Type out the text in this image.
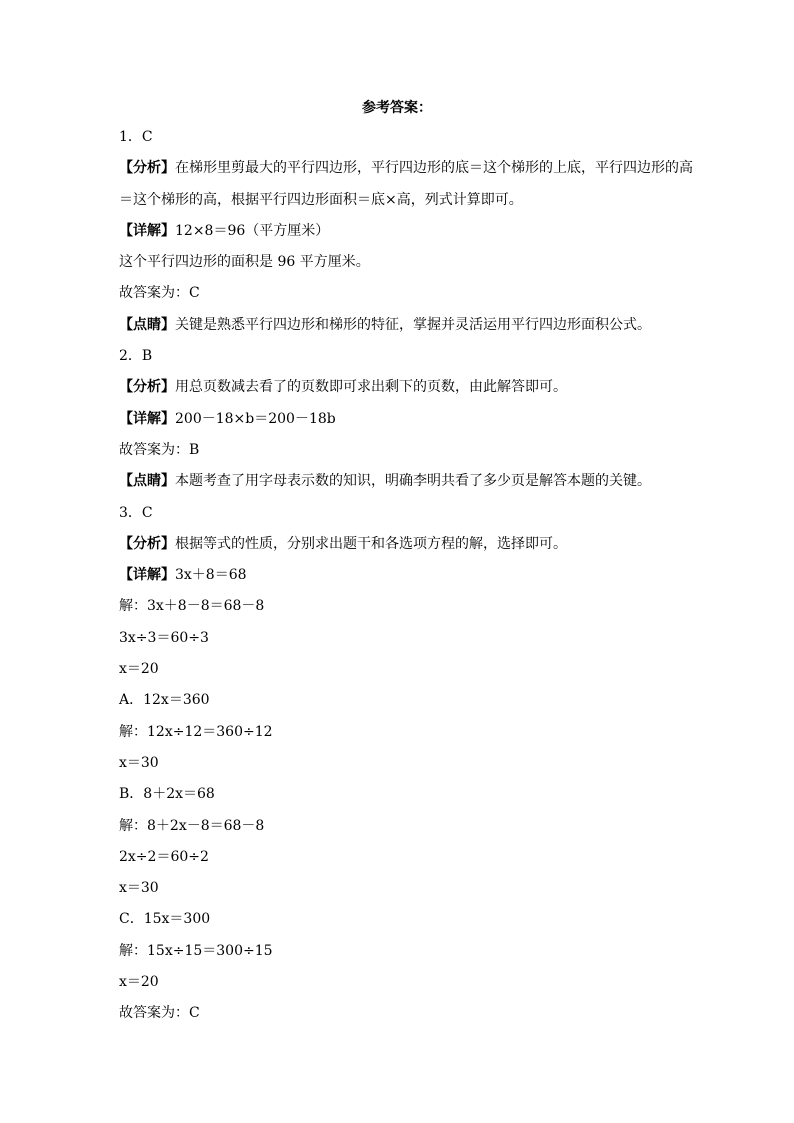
参考答案：
1．C
【分析】在梯形里剪最大的平行四边形，平行四边形的底＝这个梯形的上底，平行四边形的高＝这个梯形的高，根据平行四边形面积＝底×高，列式计算即可。
【详解】12×8＝96（平方厘米）
这个平行四边形的面积是 96 平方厘米。
故答案为：C
【点睛】关键是熟悉平行四边形和梯形的特征，掌握并灵活运用平行四边形面积公式。
2．B
【分析】用总页数减去看了的页数即可求出剩下的页数，由此解答即可。
【详解】200－18×b＝200－18b
故答案为：B
【点睛】本题考查了用字母表示数的知识，明确李明共看了多少页是解答本题的关键。
3．C
【分析】根据等式的性质，分别求出题干和各选项方程的解，选择即可。
【详解】3x＋8＝68
解：3x＋8－8＝68－8
3x÷3＝60÷3
x＝20
A．12x＝360
解：12x÷12＝360÷12
x＝30
B．8＋2x＝68
解：8＋2x－8＝68－8
2x÷2＝60÷2
x＝30
C．15x＝300
解：15x÷15＝300÷15
x＝20
故答案为：C
